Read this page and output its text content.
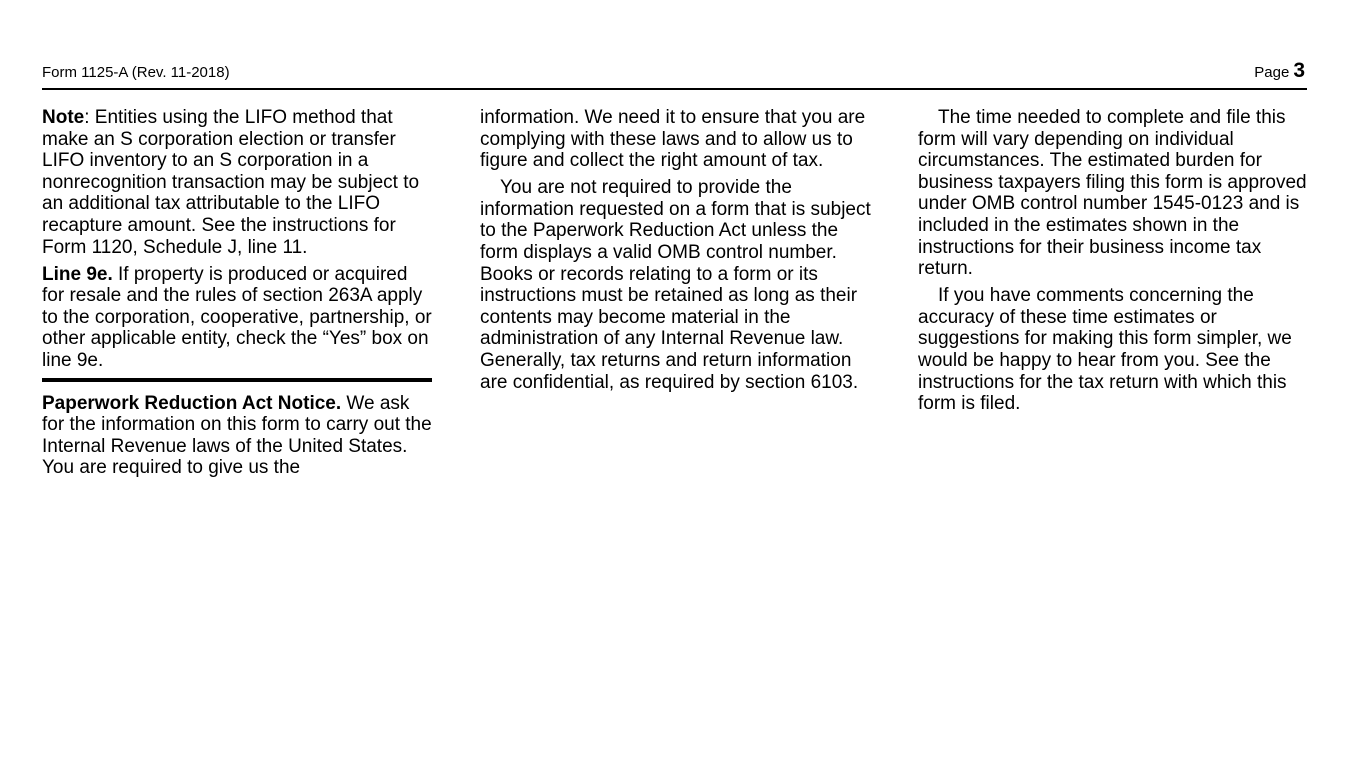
Form 1125-A (Rev. 11-2018)	Page 3

Note: Entities using the LIFO method that make an S corporation election or transfer LIFO inventory to an S corporation in a nonrecognition transaction may be subject to an additional tax attributable to the LIFO recapture amount. See the instructions for Form 1120, Schedule J, line 11.

Line 9e. If property is produced or acquired for resale and the rules of section 263A apply to the corporation, cooperative, partnership, or other applicable entity, check the “Yes” box on line 9e.

Paperwork Reduction Act Notice. We ask for the information on this form to carry out the Internal Revenue laws of the United States. You are required to give us the

information. We need it to ensure that you are complying with these laws and to allow us to figure and collect the right amount of tax.

You are not required to provide the information requested on a form that is subject to the Paperwork Reduction Act unless the form displays a valid OMB control number. Books or records relating to a form or its instructions must be retained as long as their contents may become material in the administration of any Internal Revenue law. Generally, tax returns and return information are confidential, as required by section 6103.

The time needed to complete and file this form will vary depending on individual circumstances. The estimated burden for business taxpayers filing this form is approved under OMB control number 1545-0123 and is included in the estimates shown in the instructions for their business income tax return.

If you have comments concerning the accuracy of these time estimates or suggestions for making this form simpler, we would be happy to hear from you. See the instructions for the tax return with which this form is filed.
